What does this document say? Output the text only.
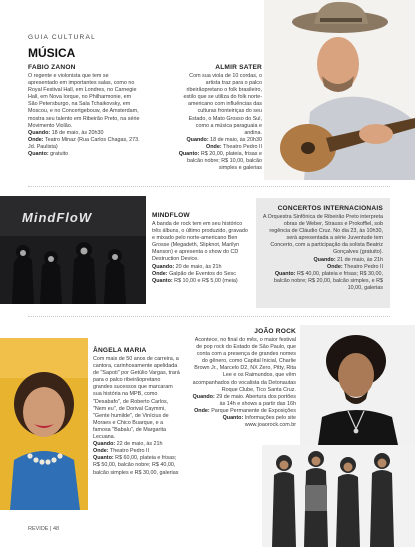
GUIA CULTURAL
MÚSICA
FABIO ZANON
O regente e violonista que tem se apresentado em importantes salas, como no Royal Festival Hall, em Londres, no Carnegie Hall, em Nova Iorque, no Philharmonie, em São Petersburgo, na Sala Tchaikovsky, em Moscou, e no Concertgebouw, de Amsterdam, mostra seu talento em Ribeirão Preto, na série Movimento Violão.
Quando: 18 de maio, às 20h30
Onde: Teatro Minaz (Rua Carlos Chagas, 273. Jd. Paulista)
Quanto: gratuito
ALMIR SATER
Com sua viola de 10 cordas, o artista traz para o palco ribeirãopretano o folk brasileiro, estilo que se utiliza do folk norte-americano com influências das culturas fronteiriças do seu Estado, o Mato Grosso do Sul, como a música paraguaia e andina.
Quando: 18 de maio, às 20h30
Onde: Theatro Pedro II
Quanto: R$ 20,00, plateia, frisas e balcão nobre; R$ 10,00, balcão simples e galerias
MindFloW	MINDFLOW
A banda de rock tem em seu histórico três álbuns, o último produzido, gravado e mixado pelo norte-americano Ben Grosse (Megadeth, Slipknot, Marilyn Manson) e apresenta o show do CD Destruction Device.
Quando: 20 de maio, às 21h
Onde: Galpão de Eventos do Sesc
Quanto: R$ 10,00 e R$ 5,00 (meia)
CONCERTOS INTERNACIONAIS
A Orquestra Sinfônica de Ribeirão Preto interpreta obras de Weber, Strauss e Prokoffiel, sob regência de Cláudio Cruz. No dia 23, às 10h30, será apresentada a série Juventude tem Concerto, com a participação da solista Beatriz Gonçalves (gratuito).
Quando: 21 de maio, às 21h
Onde: Theatro Pedro II
Quanto: R$ 40,00, plateia e frisas; R$ 30,00, balcão nobre; R$ 20,00, balcão simples, e R$ 10,00, galerias
ÂNGELA MARIA
Com mais de 50 anos de carreira, a cantora, carinhosamente apelidada de "Sapoti" por Getúlio Vargas, trará para o palco ribeirãopretano grandes sucessos que marcaram sua história na MPB, como "Desabafo", de Roberto Carlos, "Nem eu", de Dorival Caymmi, "Gente humilde", de Vinícius de Moraes e Chico Buarque, e a famosa "Babalu", de Margarita Lecuana.
Quando: 22 de maio, às 21h
Onde: Theatro Pedro II
Quanto: R$ 60,00, plateia e frisas; R$ 50,00, balcão nobre; R$ 40,00, balcão simples e R$ 30,00, galerias
JOÃO ROCK
Acontece, no final do mês, o maior festival de pop rock do Estado de São Paulo, que conta com a presença de grandes nomes do gênero, como Capital Inicial, Charlie Brown Jr., Marcelo D2, NX Zero, Pitty, Rita Lee e os Raimundos, que vêm acompanhados do vocalista da Detonautas Roque Clube, Tico Santa Cruz.
Quando: 29 de maio. Abertura dos portões às 14h e shows a partir das 16h
Onde: Parque Permanente de Exposições
Quanto: Informações pelo site
www.joaorock.com.br
REVIDE | 48
